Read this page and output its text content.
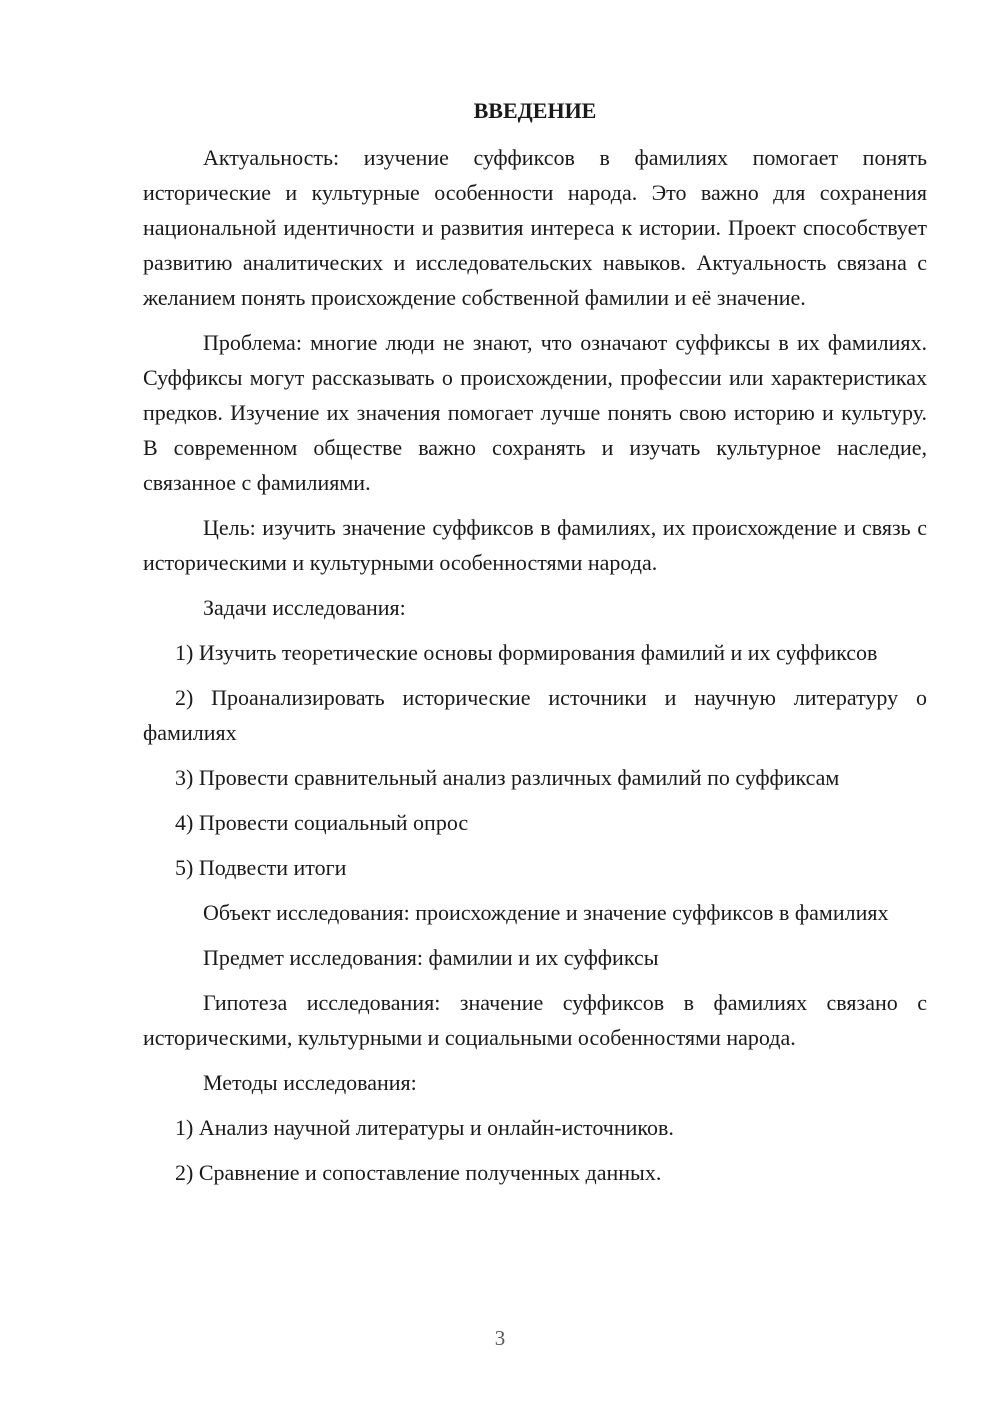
ВВЕДЕНИЕ

Актуальность: изучение суффиксов в фамилиях помогает понять исторические и культурные особенности народа. Это важно для сохранения национальной идентичности и развития интереса к истории. Проект способствует развитию аналитических и исследовательских навыков. Актуальность связана с желанием понять происхождение собственной фамилии и её значение.

Проблема: многие люди не знают, что означают суффиксы в их фамилиях. Суффиксы могут рассказывать о происхождении, профессии или характеристиках предков. Изучение их значения помогает лучше понять свою историю и культуру. В современном обществе важно сохранять и изучать культурное наследие, связанное с фамилиями.

Цель: изучить значение суффиксов в фамилиях, их происхождение и связь с историческими и культурными особенностями народа.

Задачи исследования:

1) Изучить теоретические основы формирования фамилий и их суффиксов

2) Проанализировать исторические источники и научную литературу о фамилиях

3) Провести сравнительный анализ различных фамилий по суффиксам

4) Провести социальный опрос

5) Подвести итоги

Объект исследования: происхождение и значение суффиксов в фамилиях

Предмет исследования: фамилии и их суффиксы

Гипотеза исследования: значение суффиксов в фамилиях связано с историческими, культурными и социальными особенностями народа.

Методы исследования:

1) Анализ научной литературы и онлайн-источников.

2) Сравнение и сопоставление полученных данных.

3
